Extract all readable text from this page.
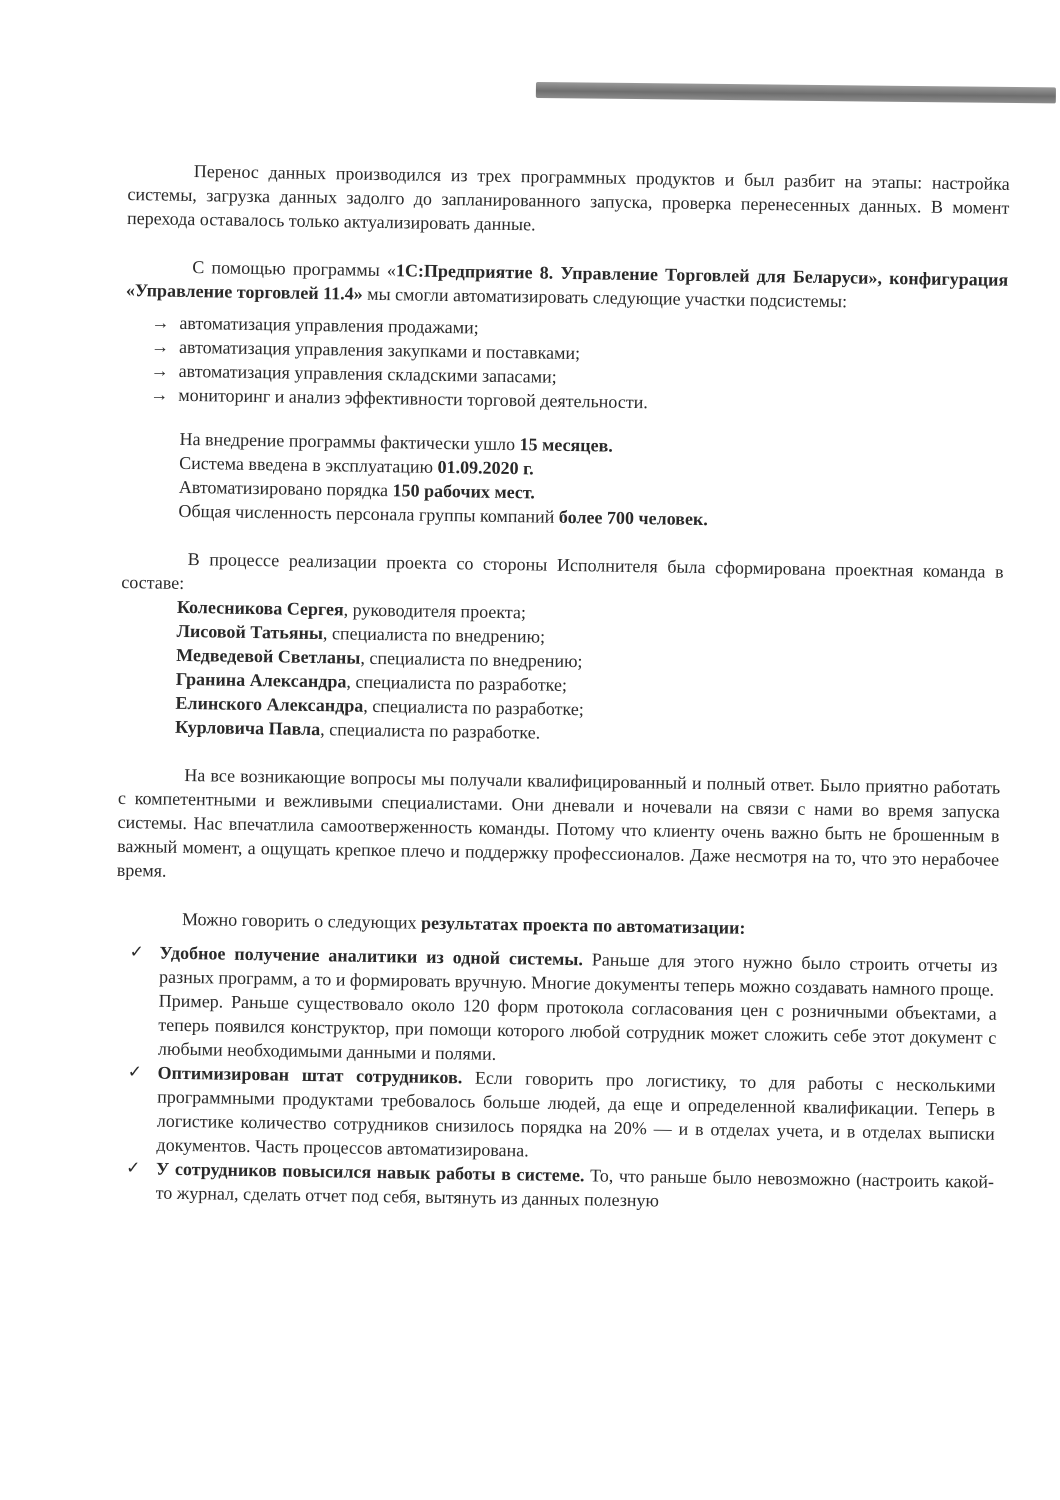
Перенос данных производился из трех программных продуктов и был разбит на этапы: настройка системы, загрузка данных задолго до запланированного запуска, проверка перенесенных данных. В момент перехода оставалось только актуализировать данные.

С помощью программы «1С:Предприятие 8. Управление Торговлей для Беларуси», конфигурация «Управление торговлей 11.4» мы смогли автоматизировать следующие участки подсистемы:

→ автоматизация управления продажами;
→ автоматизация управления закупками и поставками;
→ автоматизация управления складскими запасами;
→ мониторинг и анализ эффективности торговой деятельности.

На внедрение программы фактически ушло 15 месяцев.

Система введена в эксплуатацию 01.09.2020 г.

Автоматизировано порядка 150 рабочих мест.

Общая численность персонала группы компаний более 700 человек.

В процессе реализации проекта со стороны Исполнителя была сформирована проектная команда в составе:

Колесникова Сергея, руководителя проекта;

Лисовой Татьяны, специалиста по внедрению;

Медведевой Светланы, специалиста по внедрению;

Гранина Александра, специалиста по разработке;

Елинского Александра, специалиста по разработке;

Курловича Павла, специалиста по разработке.

На все возникающие вопросы мы получали квалифицированный и полный ответ. Было приятно работать с компетентными и вежливыми специалистами. Они дневали и ночевали на связи с нами во время запуска системы. Нас впечатлила самоотверженность команды. Потому что клиенту очень важно быть не брошенным в важный момент, а ощущать крепкое плечо и поддержку профессионалов. Даже несмотря на то, что это нерабочее время.

Можно говорить о следующих результатах проекта по автоматизации:

✓ Удобное получение аналитики из одной системы. Раньше для этого нужно было строить отчеты из разных программ, а то и формировать вручную. Многие документы теперь можно создавать намного проще.

Пример. Раньше существовало около 120 форм протокола согласования цен с розничными объектами, а теперь появился конструктор, при помощи которого любой сотрудник может сложить себе этот документ с любыми необходимыми данными и полями.

✓ Оптимизирован штат сотрудников. Если говорить про логистику, то для работы с несколькими программными продуктами требовалось больше людей, да еще и определенной квалификации. Теперь в логистике количество сотрудников снизилось порядка на 20% — и в отделах учета, и в отделах выписки документов. Часть процессов автоматизирована.

✓ У сотрудников повысился навык работы в системе. То, что раньше было невозможно (настроить какой-то журнал, сделать отчет под себя, вытянуть из данных полезную
